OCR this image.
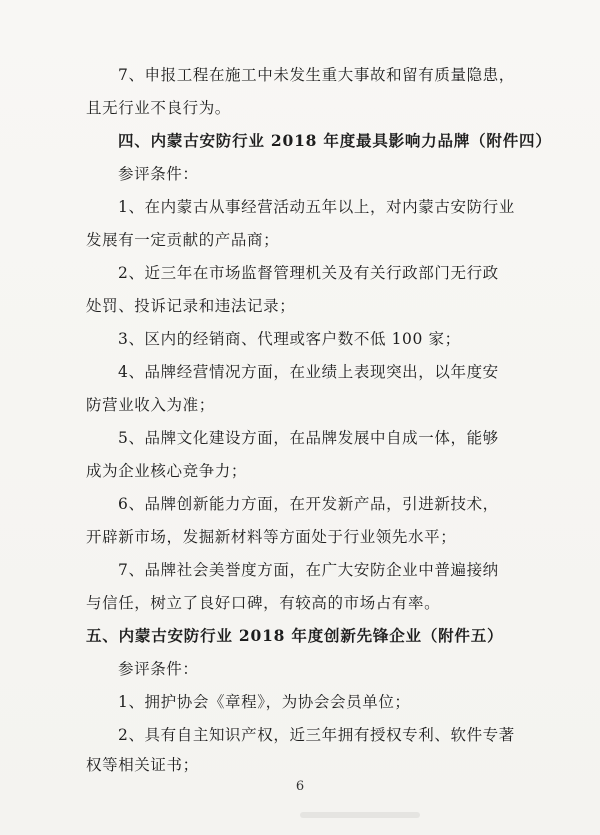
7、申报工程在施工中未发生重大事故和留有质量隐患，
且无行业不良行为。
四、内蒙古安防行业 2018 年度最具影响力品牌（附件四）
参评条件：
1、在内蒙古从事经营活动五年以上，对内蒙古安防行业
发展有一定贡献的产品商；
2、近三年在市场监督管理机关及有关行政部门无行政
处罚、投诉记录和违法记录；
3、区内的经销商、代理或客户数不低 100 家；
4、品牌经营情况方面，在业绩上表现突出，以年度安
防营业收入为准；
5、品牌文化建设方面，在品牌发展中自成一体，能够
成为企业核心竞争力；
6、品牌创新能力方面，在开发新产品，引进新技术，
开辟新市场，发掘新材料等方面处于行业领先水平；
7、品牌社会美誉度方面，在广大安防企业中普遍接纳
与信任，树立了良好口碑，有较高的市场占有率。
五、内蒙古安防行业 2018 年度创新先锋企业（附件五）
参评条件：
1、拥护协会《章程》，为协会会员单位；
2、具有自主知识产权，近三年拥有授权专利、软件专著
权等相关证书；
6
